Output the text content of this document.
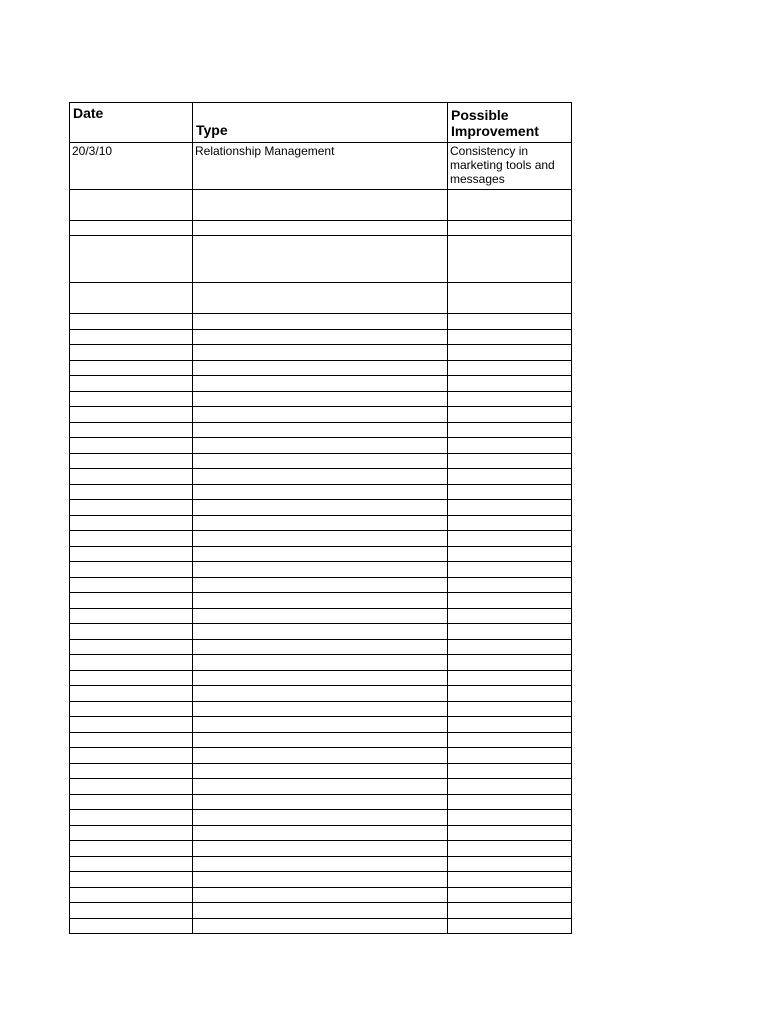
Date	Type	Possible
Improvement

20/3/10	Relationship Management	Consistency in marketing tools and messages
